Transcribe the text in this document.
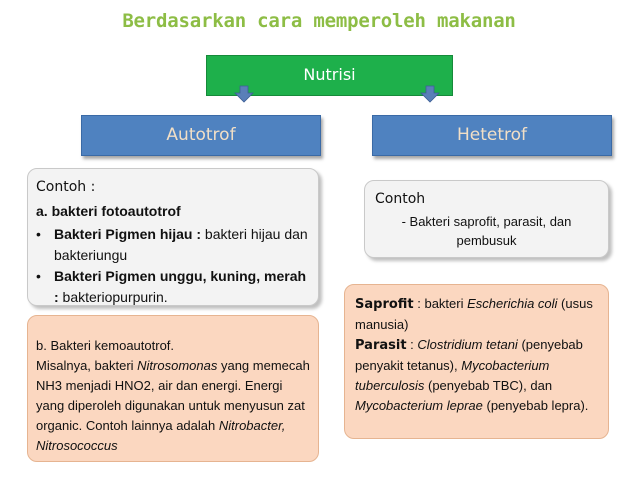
Berdasarkan cara memperoleh makanan
Nutrisi
Autotrof	Hetetrof
Contoh :
a. bakteri fotoautotrof
• Bakteri Pigmen hijau : bakteri hijau dan bakteriungu
• Bakteri Pigmen unggu, kuning, merah : bakteriopurpurin.
b. Bakteri kemoautotrof.
Misalnya, bakteri Nitrosomonas yang memecah NH3 menjadi HNO2, air dan energi. Energi yang diperoleh digunakan untuk menyusun zat organic. Contoh lainnya adalah Nitrobacter, Nitrosococcus
Contoh
- Bakteri saprofit, parasit, dan pembusuk
Saprofit : bakteri Escherichia coli (usus manusia)
Parasit : Clostridium tetani (penyebab penyakit tetanus), Mycobacterium tuberculosis (penyebab TBC), dan Mycobacterium leprae (penyebab lepra).
